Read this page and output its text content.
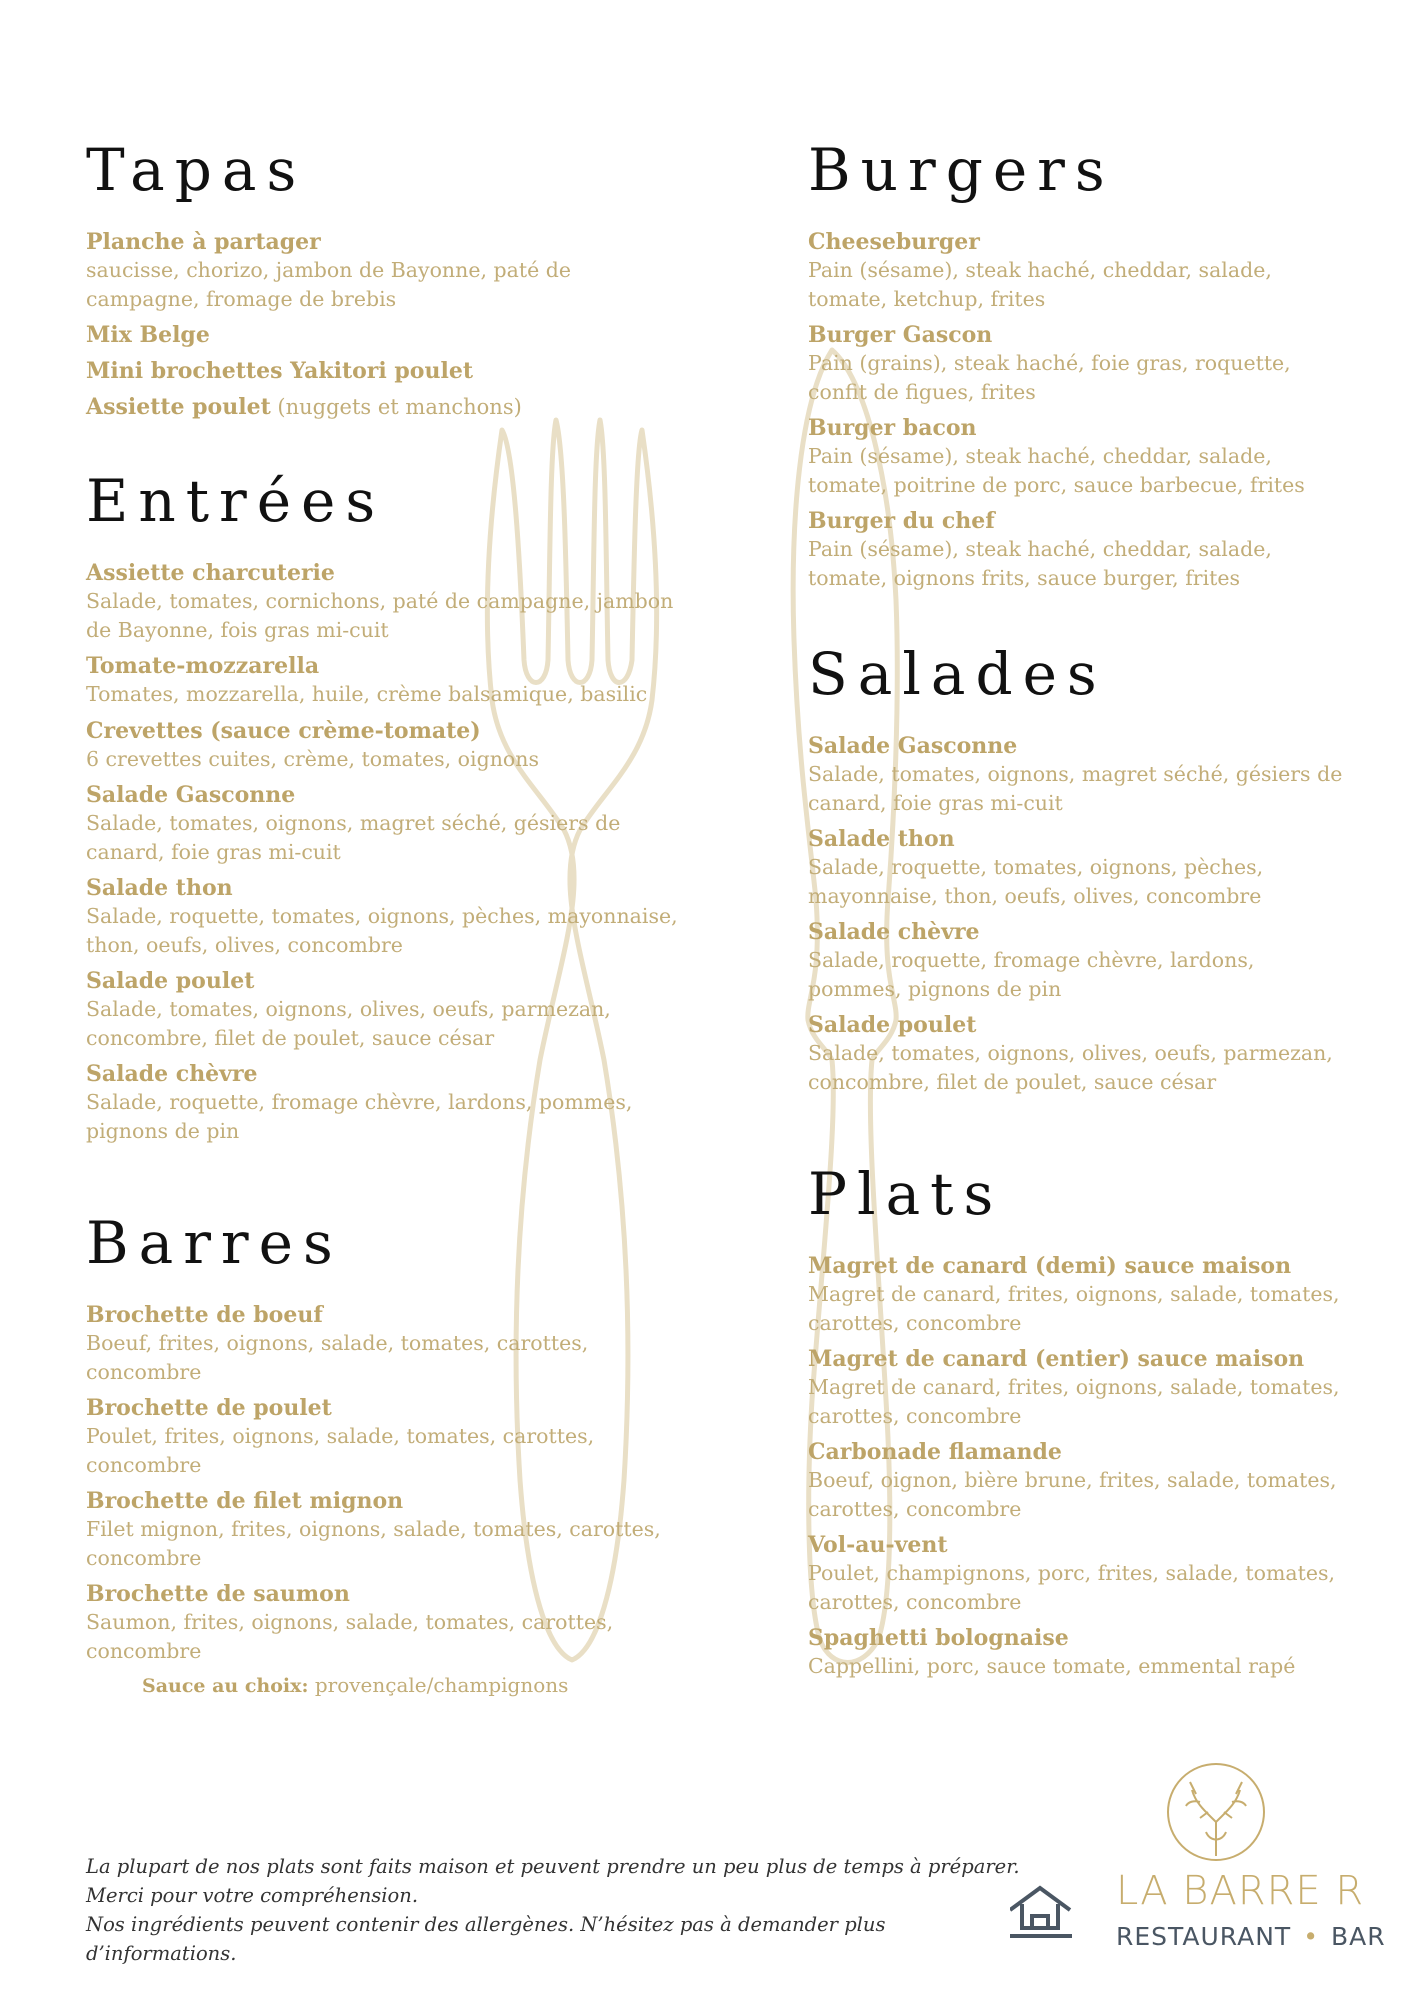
Tapas
Planche à partager
saucisse, chorizo, jambon de Bayonne, paté de campagne, fromage de brebis
Mix Belge
Mini brochettes Yakitori poulet
Assiette poulet (nuggets et manchons)
Entrées
Assiette charcuterie
Salade, tomates, cornichons, paté de campagne, jambon de Bayonne, fois gras mi-cuit
Tomate-mozzarella
Tomates, mozzarella, huile, crème balsamique, basilic
Crevettes (sauce crème-tomate)
6 crevettes cuites, crème, tomates, oignons
Salade Gasconne
Salade, tomates, oignons, magret séché, gésiers de canard, foie gras mi-cuit
Salade thon
Salade, roquette, tomates, oignons, pèches, mayonnaise, thon, oeufs, olives, concombre
Salade poulet
Salade, tomates, oignons, olives, oeufs, parmezan, concombre, filet de poulet, sauce césar
Salade chèvre
Salade, roquette, fromage chèvre, lardons, pommes, pignons de pin
Barres
Brochette de boeuf
Boeuf, frites, oignons, salade, tomates, carottes, concombre
Brochette de poulet
Poulet, frites, oignons, salade, tomates, carottes, concombre
Brochette de filet mignon
Filet mignon, frites, oignons, salade, tomates, carottes, concombre
Brochette de saumon
Saumon, frites, oignons, salade, tomates, carottes, concombre
Sauce au choix: provençale/champignons
Burgers
Cheeseburger
Pain (sésame), steak haché, cheddar, salade, tomate, ketchup, frites
Burger Gascon
Pain (grains), steak haché, foie gras, roquette, confit de figues, frites
Burger bacon
Pain (sésame), steak haché, cheddar, salade, tomate, poitrine de porc, sauce barbecue, frites
Burger du chef
Pain (sésame), steak haché, cheddar, salade, tomate, oignons frits, sauce burger, frites
Salades
Salade Gasconne
Salade, tomates, oignons, magret séché, gésiers de canard, foie gras mi-cuit
Salade thon
Salade, roquette, tomates, oignons, pèches, mayonnaise, thon, oeufs, olives, concombre
Salade chèvre
Salade, roquette, fromage chèvre, lardons, pommes, pignons de pin
Salade poulet
Salade, tomates, oignons, olives, oeufs, parmezan, concombre, filet de poulet, sauce césar
Plats
Magret de canard (demi) sauce maison
Magret de canard, frites, oignons, salade, tomates, carottes, concombre
Magret de canard (entier) sauce maison
Magret de canard, frites, oignons, salade, tomates, carottes, concombre
Carbonade flamande
Boeuf, oignon, bière brune, frites, salade, tomates, carottes, concombre
Vol-au-vent
Poulet, champignons, porc, frites, salade, tomates, carottes, concombre
Spaghetti bolognaise
Cappellini, porc, sauce tomate, emmental rapé
La plupart de nos plats sont faits maison et peuvent prendre un peu plus de temps à préparer.
Merci pour votre compréhension.
Nos ingrédients peuvent contenir des allergènes. N’hésitez pas à demander plus d’informations.
LA BARRE R
RESTAURANT • BAR
